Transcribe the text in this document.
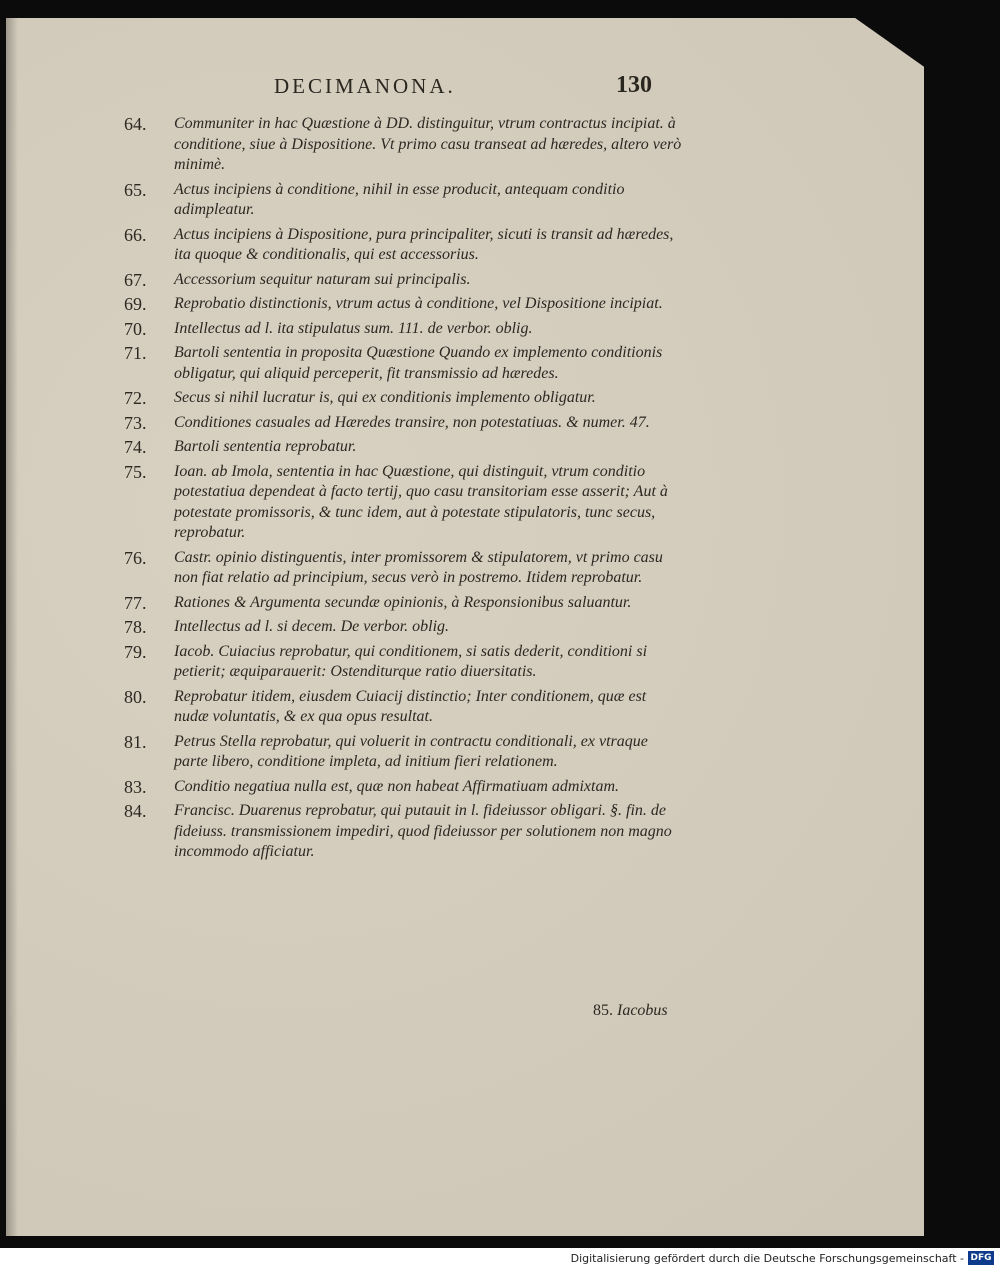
DECIMANONA.	130
64. Communiter in hac Quæstione à DD. distinguitur, vtrum contractus incipiat. à conditione, siue à Dispositione. Vt primo casu transeat ad hæredes, altero verò minimè.
65. Actus incipiens à conditione, nihil in esse producit, antequam conditio adimpleatur.
66. Actus incipiens à Dispositione, pura principaliter, sicuti is transit ad hæredes, ita quoque & conditionalis, qui est accessorius.
67. Accessorium sequitur naturam sui principalis.
69. Reprobatio distinctionis, vtrum actus à conditione, vel Dispositione incipiat.
70. Intellectus ad l. ita stipulatus sum. 111. de verbor. oblig.
71. Bartoli sententia in proposita Quæstione Quando ex implemento conditionis obligatur, qui aliquid perceperit, fit transmissio ad hæredes.
72. Secus si nihil lucratur is, qui ex conditionis implemento obligatur.
73. Conditiones casuales ad Hæredes transire, non potestatiuas. & numer. 47.
74. Bartoli sententia reprobatur.
75. Ioan. ab Imola, sententia in hac Quæstione, qui distinguit, vtrum conditio potestatiua dependeat à facto tertij, quo casu transitoriam esse asserit; Aut à potestate promissoris, & tunc idem, aut à potestate stipulatoris, tunc secus, reprobatur.
76. Castr. opinio distinguentis, inter promissorem & stipulatorem, vt primo casu non fiat relatio ad principium, secus verò in postremo. Itidem reprobatur.
77. Rationes & Argumenta secundæ opinionis, à Responsionibus saluantur.
78. Intellectus ad l. si decem. De verbor. oblig.
79. Iacob. Cuiacius reprobatur, qui conditionem, si satis dederit, conditioni si petierit; æquiparauerit: Ostenditurque ratio diuersitatis.
80. Reprobatur itidem, eiusdem Cuiacij distinctio; Inter conditionem, quæ est nudæ voluntatis, & ex qua opus resultat.
81. Petrus Stella reprobatur, qui voluerit in contractu conditionali, ex vtraque parte libero, conditione impleta, ad initium fieri relationem.
83. Conditio negatiua nulla est, quæ non habeat Affirmatiuam admixtam.
84. Francisc. Duarenus reprobatur, qui putauit in l. fideiussor obligari. §. fin. de fideiuss. transmissionem impediri, quod fideiussor per solutionem non magno incommodo afficiatur.
85. Iacobus
Digitalisierung gefördert durch die Deutsche Forschungsgemeinschaft - DFG
